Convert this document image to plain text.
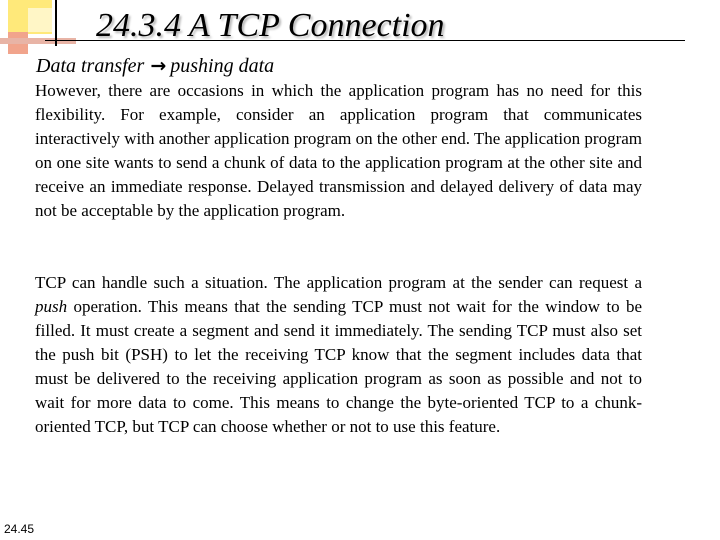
24.3.4 A TCP Connection
Data transfer → pushing data

However, there are occasions in which the application program has no need for this flexibility. For example, consider an application program that communicates interactively with another application program on the other end. The application program on one site wants to send a chunk of data to the application program at the other site and receive an immediate response. Delayed transmission and delayed delivery of data may not be acceptable by the application program.

TCP can handle such a situation. The application program at the sender can request a push operation. This means that the sending TCP must not wait for the window to be filled. It must create a segment and send it immediately. The sending TCP must also set the push bit (PSH) to let the receiving TCP know that the segment includes data that must be delivered to the receiving application program as soon as possible and not to wait for more data to come. This means to change the byte-oriented TCP to a chunk-oriented TCP, but TCP can choose whether or not to use this feature.

24.45
